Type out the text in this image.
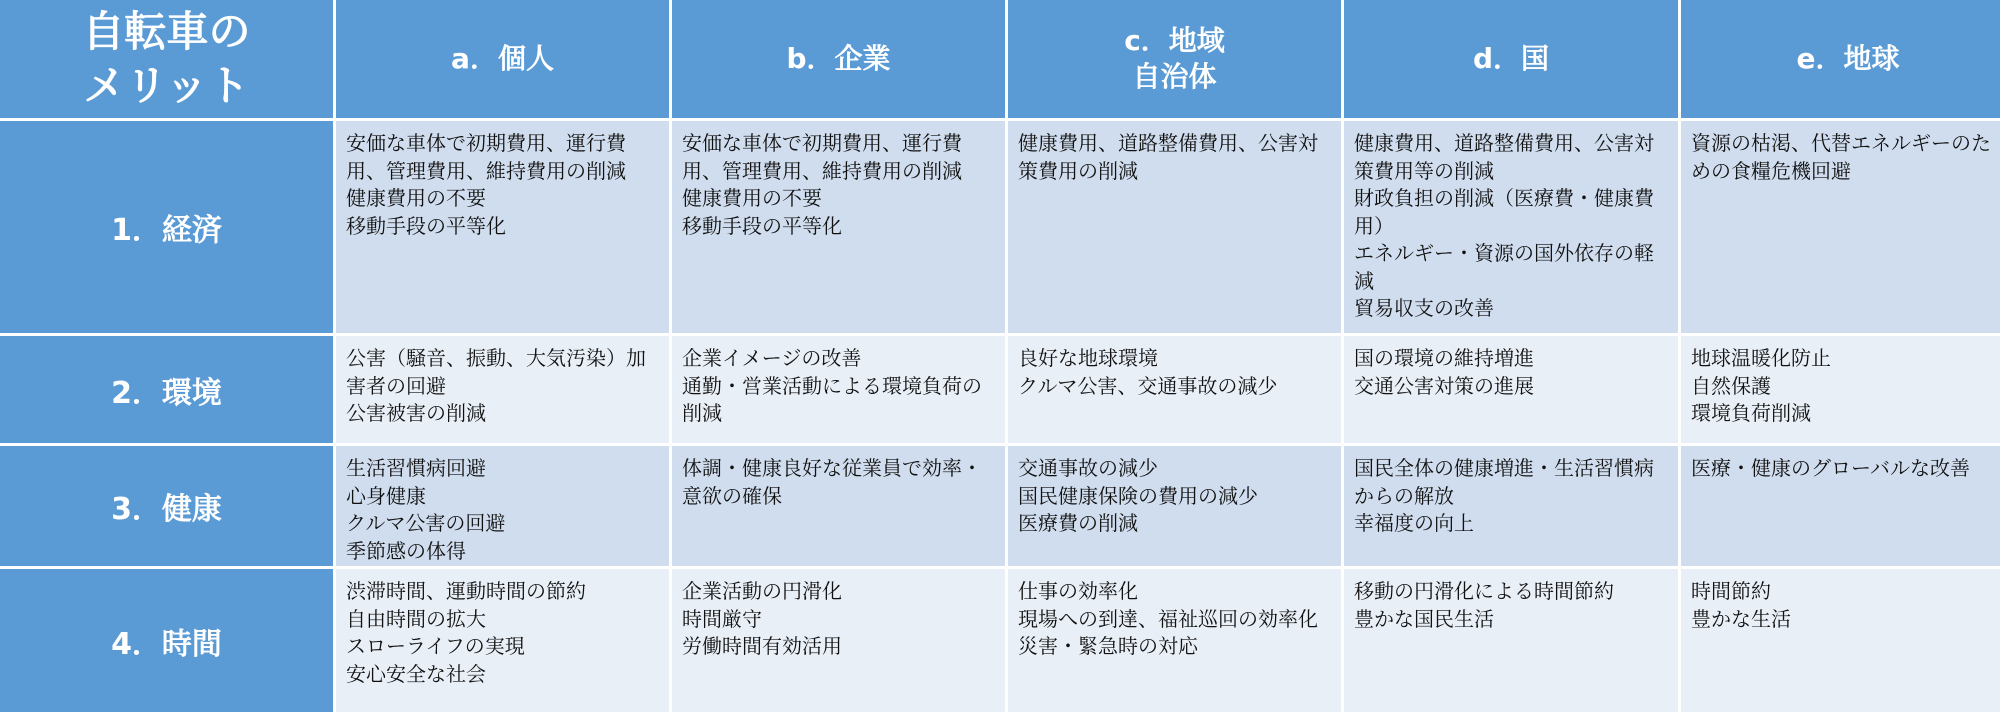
自転車の
メリット
a．個人	b．企業
c．地域
自治体
d．国	e．地球
1．経済
安価な車体で初期費用、運行費用、管理費用、維持費用の削減
健康費用の不要
移動手段の平等化
安価な車体で初期費用、運行費用、管理費用、維持費用の削減
健康費用の不要
移動手段の平等化
健康費用、道路整備費用、公害対策費用の削減
健康費用、道路整備費用、公害対策費用等の削減
財政負担の削減（医療費・健康費用）
エネルギー・資源の国外依存の軽減
貿易収支の改善
資源の枯渇、代替エネルギーのための食糧危機回避
2．環境
公害（騒音、振動、大気汚染）加害者の回避
公害被害の削減
企業イメージの改善
通勤・営業活動による環境負荷の削減
良好な地球環境
クルマ公害、交通事故の減少
国の環境の維持増進
交通公害対策の進展
地球温暖化防止
自然保護
環境負荷削減
3．健康
生活習慣病回避
心身健康
クルマ公害の回避
季節感の体得
体調・健康良好な従業員で効率・意欲の確保
交通事故の減少
国民健康保険の費用の減少
医療費の削減
国民全体の健康増進・生活習慣病からの解放
幸福度の向上
医療・健康のグローバルな改善
4．時間
渋滞時間、運動時間の節約
自由時間の拡大
スローライフの実現
安心安全な社会
企業活動の円滑化
時間厳守
労働時間有効活用
仕事の効率化
現場への到達、福祉巡回の効率化
災害・緊急時の対応
移動の円滑化による時間節約
豊かな国民生活
時間節約
豊かな生活
